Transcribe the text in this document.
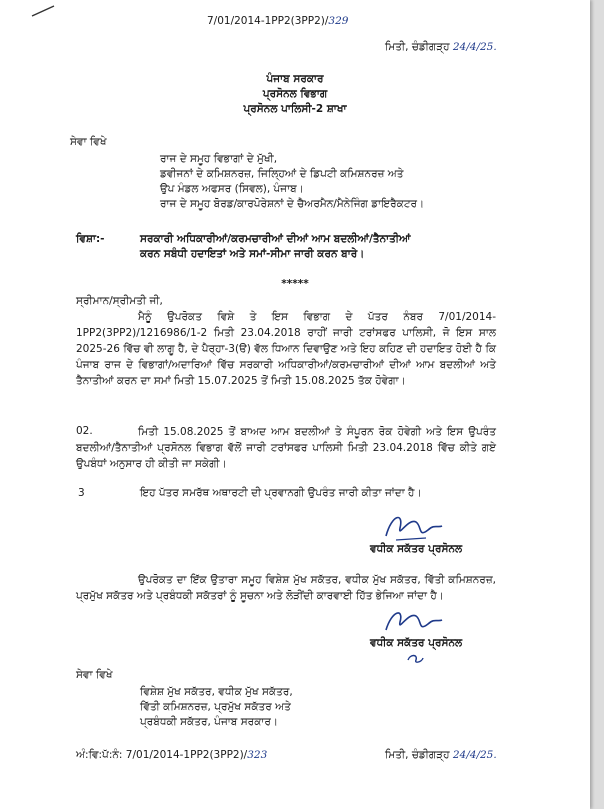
7/01/2014-1PP2(3PP2)/329
ਮਿਤੀ, ਚੰਡੀਗੜ੍ਹ 24/4/25.
ਪੰਜਾਬ ਸਰਕਾਰ
ਪ੍ਰਸੋਨਲ ਵਿਭਾਗ
ਪ੍ਰਸੋਨਲ ਪਾਲਿਸੀ-2 ਸ਼ਾਖਾ
ਸੇਵਾ ਵਿਖੇ
ਰਾਜ ਦੇ ਸਮੂਹ ਵਿਭਾਗਾਂ ਦੇ ਮੁੱਖੀ,
ਡਵੀਜਨਾਂ ਦੇ ਕਮਿਸ਼ਨਰਜ਼, ਜਿਲ੍ਹਿਆਂ ਦੇ ਡਿਪਟੀ ਕਮਿਸ਼ਨਰਜ਼ ਅਤੇ
ਉਪ ਮੰਡਲ ਅਫਸਰ (ਸਿਵਲ), ਪੰਜਾਬ।
ਰਾਜ ਦੇ ਸਮੂਹ ਬੋਰਡ/ਕਾਰਪੋਰੇਸ਼ਨਾਂ ਦੇ ਚੈਅਰਮੈਨ/ਮੈਨੇਜਿੰਗ ਡਾਇਰੈਕਟਰ।
ਵਿਸ਼ਾ:-	ਸਰਕਾਰੀ ਅਧਿਕਾਰੀਆਂ/ਕਰਮਚਾਰੀਆਂ ਦੀਆਂ ਆਮ ਬਦਲੀਆਂ/ਤੈਨਾਤੀਆਂ
ਕਰਨ ਸਬੰਧੀ ਹਦਾਇਤਾਂ ਅਤੇ ਸਮਾਂ-ਸੀਮਾ ਜਾਰੀ ਕਰਨ ਬਾਰੇ।
*****
ਸ੍ਰੀਮਾਨ/ਸ੍ਰੀਮਤੀ ਜੀ,
ਮੈਨੂੰ ਉਪਰੋਕਤ ਵਿਸ਼ੇ ਤੇ ਇਸ ਵਿਭਾਗ ਦੇ ਪੱਤਰ ਨੰਬਰ 7/01/2014-1PP2(3PP2)/1216986/1-2 ਮਿਤੀ 23.04.2018 ਰਾਹੀਂ ਜਾਰੀ ਟਰਾਂਸਫਰ ਪਾਲਿਸੀ, ਜੋ ਇਸ ਸਾਲ 2025-26 ਵਿੱਚ ਵੀ ਲਾਗੂ ਹੈ, ਦੇ ਪੈਰ੍ਹਾ-3(ੳ) ਵੱਲ ਧਿਆਨ ਦਿਵਾਉਣ ਅਤੇ ਇਹ ਕਹਿਣ ਦੀ ਹਦਾਇਤ ਹੋਈ ਹੈ ਕਿ ਪੰਜਾਬ ਰਾਜ ਦੇ ਵਿਭਾਗਾਂ/ਅਦਾਰਿਆਂ ਵਿੱਚ ਸਰਕਾਰੀ ਅਧਿਕਾਰੀਆਂ/ਕਰਮਚਾਰੀਆਂ ਦੀਆਂ ਆਮ ਬਦਲੀਆਂ ਅਤੇ ਤੈਨਾਤੀਆਂ ਕਰਨ ਦਾ ਸਮਾਂ ਮਿਤੀ 15.07.2025 ਤੋਂ ਮਿਤੀ 15.08.2025 ਤੱਕ ਹੋਵੇਗਾ।
02.	ਮਿਤੀ 15.08.2025 ਤੋਂ ਬਾਅਦ ਆਮ ਬਦਲੀਆਂ ਤੇ ਸੰਪੂਰਨ ਰੋਕ ਹੋਵੇਗੀ ਅਤੇ ਇਸ ਉਪਰੰਤ ਬਦਲੀਆਂ/ਤੈਨਾਤੀਆਂ ਪ੍ਰਸੋਨਲ ਵਿਭਾਗ ਵੱਲੋਂ ਜਾਰੀ ਟਰਾਂਸਫਰ ਪਾਲਿਸੀ ਮਿਤੀ 23.04.2018 ਵਿੱਚ ਕੀਤੇ ਗਏ ਉਪਬੰਧਾਂ ਅਨੁਸਾਰ ਹੀ ਕੀਤੀ ਜਾ ਸਕੇਗੀ।
3	ਇਹ ਪੱਤਰ ਸਮਰੱਥ ਅਥਾਰਟੀ ਦੀ ਪ੍ਰਵਾਨਗੀ ਉਪਰੰਤ ਜਾਰੀ ਕੀਤਾ ਜਾਂਦਾ ਹੈ।
ਵਧੀਕ ਸਕੱਤਰ ਪ੍ਰਸੋਨਲ
ਉਪਰੋਕਤ ਦਾ ਇੱਕ ਉਤਾਰਾ ਸਮੂਹ ਵਿਸ਼ੇਸ਼ ਮੁੱਖ ਸਕੱਤਰ, ਵਧੀਕ ਮੁੱਖ ਸਕੱਤਰ, ਵਿੱਤੀ ਕਮਿਸ਼ਨਰਜ਼, ਪ੍ਰਮੁੱਖ ਸਕੱਤਰ ਅਤੇ ਪ੍ਰਬੰਧਕੀ ਸਕੱਤਰਾਂ ਨੂੰ ਸੂਚਨਾ ਅਤੇ ਲੋੜੀਂਦੀ ਕਾਰਵਾਈ ਹਿੱਤ ਭੇਜਿਆ ਜਾਂਦਾ ਹੈ।
ਵਧੀਕ ਸਕੱਤਰ ਪ੍ਰਸੋਨਲ
ਸੇਵਾ ਵਿਖੇ
ਵਿਸ਼ੇਸ਼ ਮੁੱਖ ਸਕੱਤਰ, ਵਧੀਕ ਮੁੱਖ ਸਕੱਤਰ,
ਵਿੱਤੀ ਕਮਿਸ਼ਨਰਜ਼, ਪ੍ਰਮੁੱਖ ਸਕੱਤਰ ਅਤੇ
ਪ੍ਰਬੰਧਕੀ ਸਕੱਤਰ, ਪੰਜਾਬ ਸਰਕਾਰ।
ਅੰ:ਵਿ:ਪੱ:ਨੰ: 7/01/2014-1PP2(3PP2)/323	ਮਿਤੀ, ਚੰਡੀਗੜ੍ਹ 24/4/25.
